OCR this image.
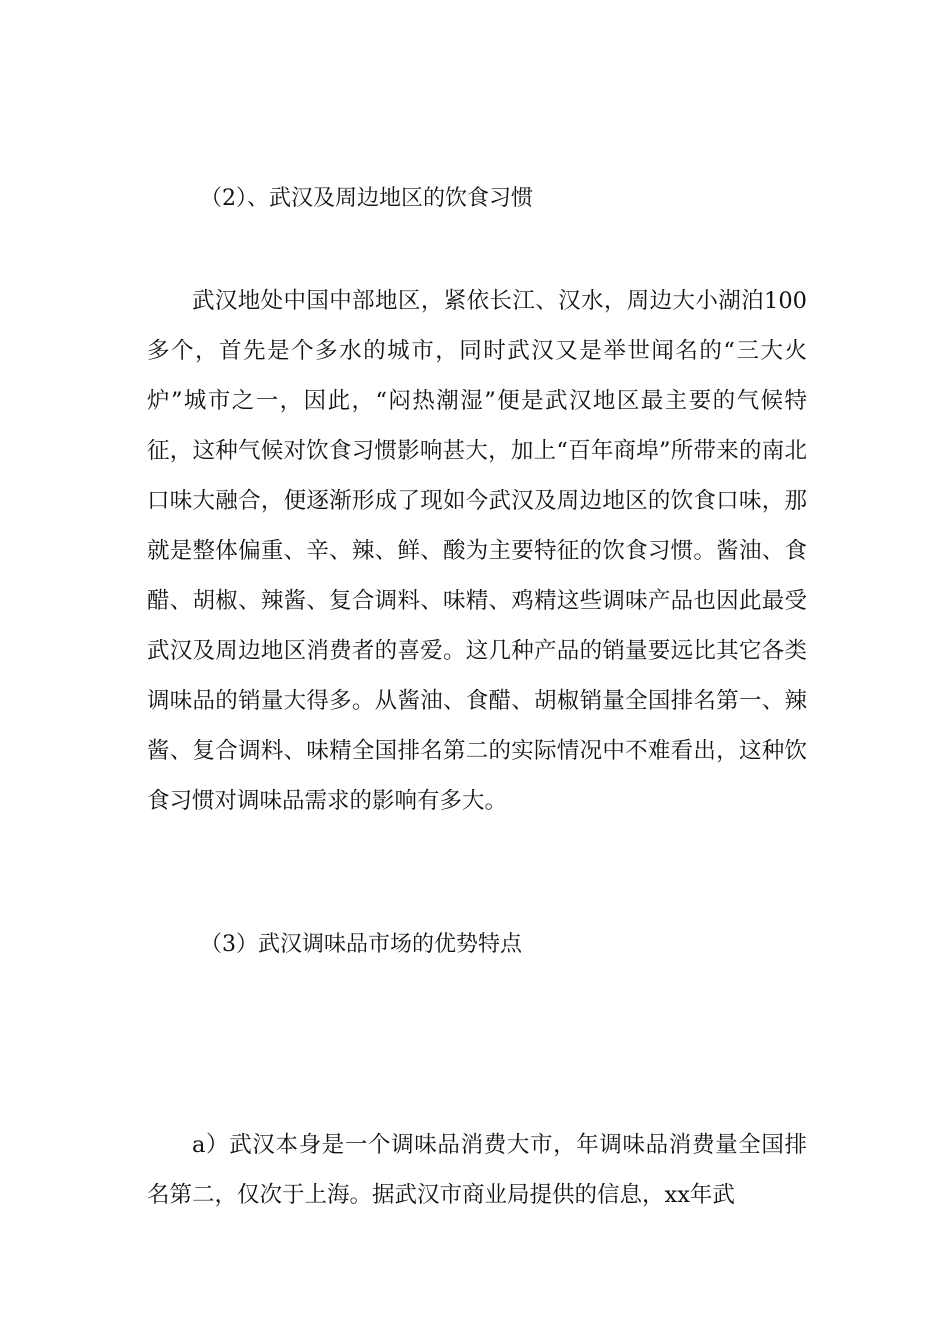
（2）、武汉及周边地区的饮食习惯

武汉地处中国中部地区，紧依长江、汉水，周边大小湖泊100多个，首先是个多水的城市，同时武汉又是举世闻名的“三大火炉”城市之一，因此，“闷热潮湿”便是武汉地区最主要的气候特征，这种气候对饮食习惯影响甚大，加上“百年商埠”所带来的南北口味大融合，便逐渐形成了现如今武汉及周边地区的饮食口味，那就是整体偏重、辛、辣、鲜、酸为主要特征的饮食习惯。酱油、食醋、胡椒、辣酱、复合调料、味精、鸡精这些调味产品也因此最受武汉及周边地区消费者的喜爱。这几种产品的销量要远比其它各类调味品的销量大得多。从酱油、食醋、胡椒销量全国排名第一、辣酱、复合调料、味精全国排名第二的实际情况中不难看出，这种饮食习惯对调味品需求的影响有多大。

（3）武汉调味品市场的优势特点

a）武汉本身是一个调味品消费大市，年调味品消费量全国排名第二，仅次于上海。据武汉市商业局提供的信息，xx年武
